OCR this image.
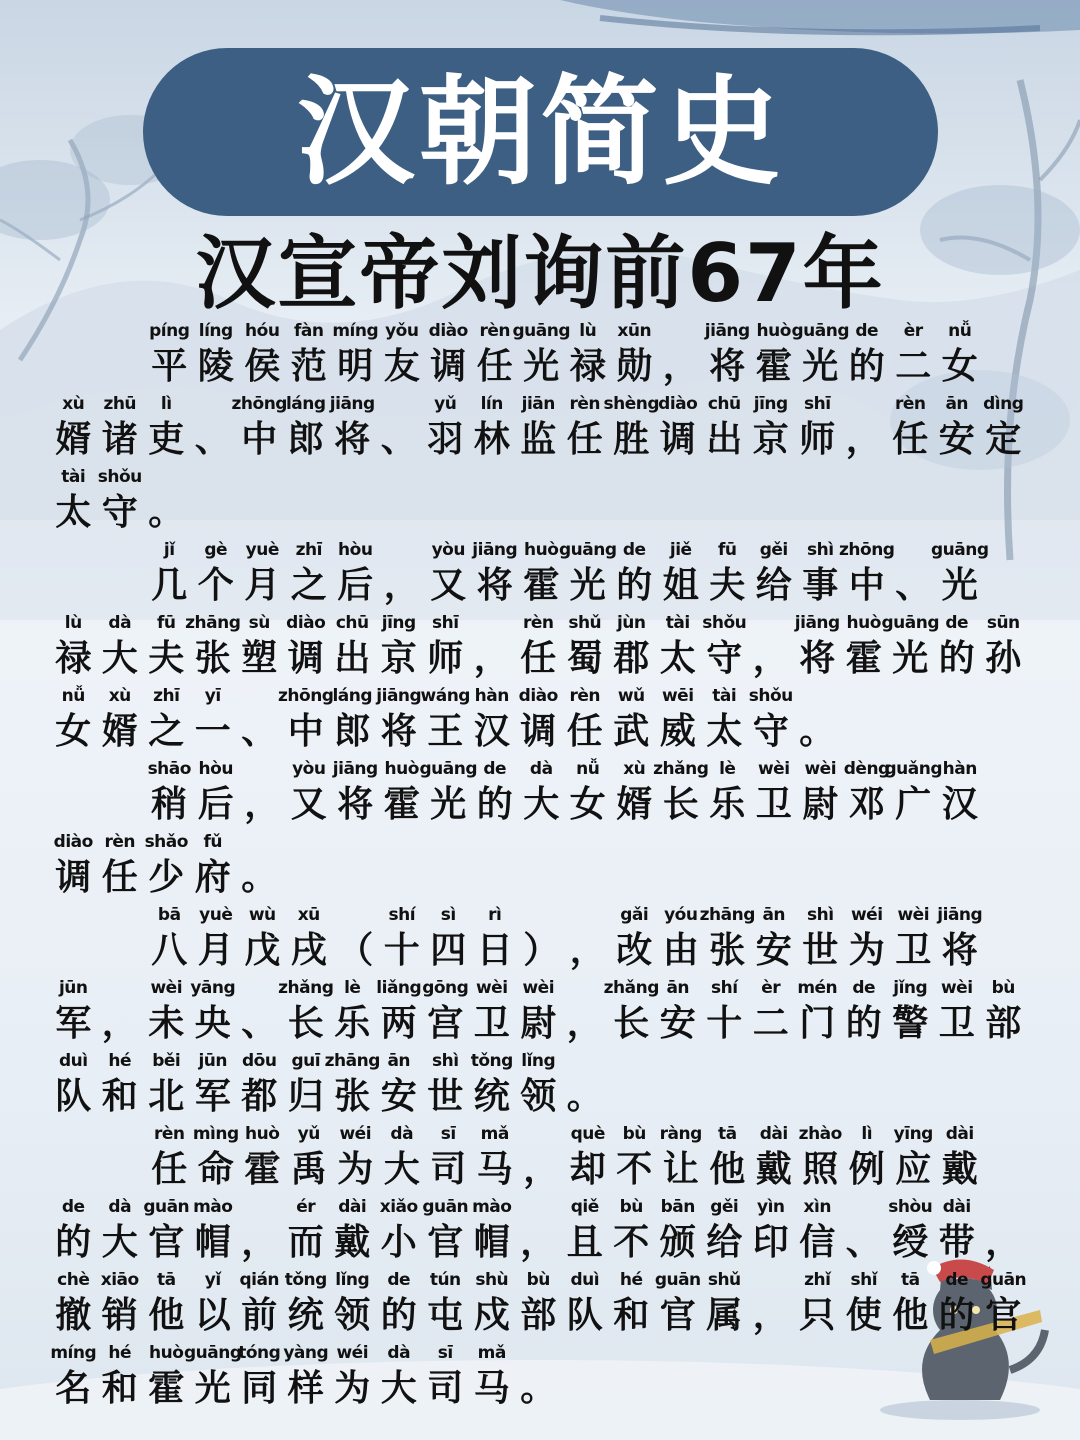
汉朝简史
汉宣帝刘询前67年
píng
平
líng
陵
hóu
侯
fàn
范
míng
明
yǒu
友
diào
调
rèn
任
guāng
光
lù
禄
xūn
勋 ，
jiāng
将
huò
霍
guāng
光
de
的
èr
二
nǚ
女
xù
婿
zhū
诸
lì
吏 、
zhōng
中
láng
郎
jiāng
将 、
yǔ
羽
lín
林
jiān
监
rèn
任
shèng
胜
diào
调
chū
出
jīng
京
shī
师 ，
rèn
任
ān
安
dìng
定
tài
太
shǒu
守 。
jǐ
几
gè
个
yuè
月
zhī
之
hòu
后 ，
yòu
又
jiāng
将
huò
霍
guāng
光
de
的
jiě
姐
fū
夫
gěi
给
shì
事
zhōng
中 、
guāng
光
lù
禄
dà
大
fū
夫
zhāng
张
sù
塑
diào
调
chū
出
jīng
京
shī
师 ，
rèn
任
shǔ
蜀
jùn
郡
tài
太
shǒu
守 ，
jiāng
将
huò
霍
guāng
光
de
的
sūn
孙
nǚ
女
xù
婿
zhī
之
yī
一 、
zhōng
中
láng
郎
jiāng
将
wáng
王
hàn
汉
diào
调
rèn
任
wǔ
武
wēi
威
tài
太
shǒu
守 。
shāo
稍
hòu
后 ，
yòu
又
jiāng
将
huò
霍
guāng
光
de
的
dà
大
nǚ
女
xù
婿
zhǎng
长
lè
乐
wèi
卫
wèi
尉
dèng
邓
guǎng
广
hàn
汉
diào
调
rèn
任
shǎo
少
fǔ
府 。
bā
八
yuè
月
wù
戊
xū
戌 （
shí
十
sì
四
rì
日 ） ，
gǎi
改
yóu
由
zhāng
张
ān
安
shì
世
wéi
为
wèi
卫
jiāng
将
jūn
军 ，
wèi
未
yāng
央 、
zhǎng
长
lè
乐
liǎng
两
gōng
宫
wèi
卫
wèi
尉 ，
zhǎng
长
ān
安
shí
十
èr
二
mén
门
de
的
jǐng
警
wèi
卫
bù
部
duì
队
hé
和
běi
北
jūn
军
dōu
都
guī
归
zhāng
张
ān
安
shì
世
tǒng
统
lǐng
领 。
rèn
任
mìng
命
huò
霍
yǔ
禹
wéi
为
dà
大
sī
司
mǎ
马 ，
què
却
bù
不
ràng
让
tā
他
dài
戴
zhào
照
lì
例
yīng
应
dài
戴
de
的
dà
大
guān
官
mào
帽 ，
ér
而
dài
戴
xiǎo
小
guān
官
mào
帽 ，
qiě
且
bù
不
bān
颁
gěi
给
yìn
印
xìn
信 、
shòu
绶
dài
带 ，
chè
撤
xiāo
销
tā
他
yǐ
以
qián
前
tǒng
统
lǐng
领
de
的
tún
屯
shù
戍
bù
部
duì
队
hé
和
guān
官
shǔ
属 ，
zhǐ
只
shǐ
使
tā
他
de
的
guān
官
míng
名
hé
和
huò
霍
guāng
光
tóng
同
yàng
样
wéi
为
dà
大
sī
司
mǎ
马 。
